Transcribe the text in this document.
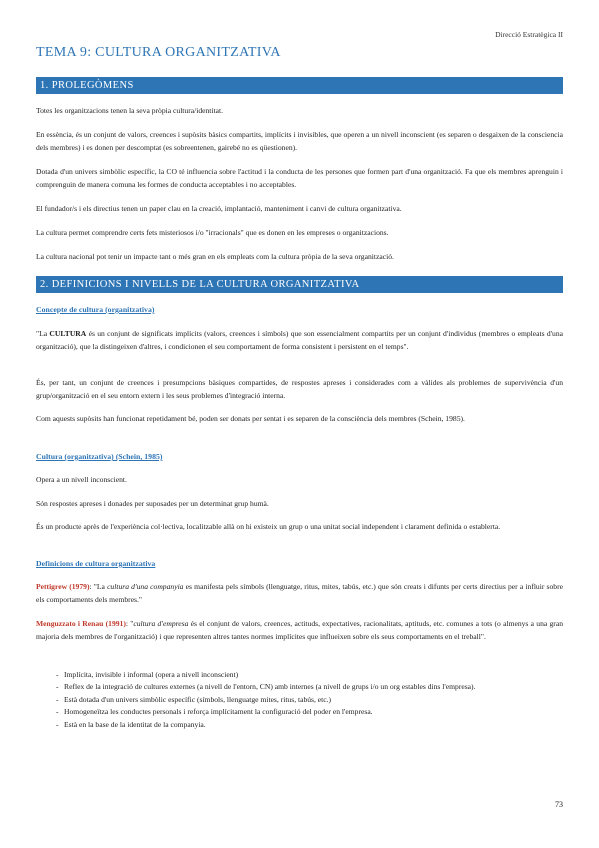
Direcció Estratègica II
TEMA 9: CULTURA ORGANITZATIVA
1. PROLEGÒMENS
Totes les organitzacions tenen la seva pròpia cultura/identitat.
En essència, és un conjunt de valors, creences i supòsits bàsics compartits, implícits i invisibles, que operen a un nivell inconscient (es separen o desgaixen de la consciencia dels membres) i es donen per descomptat (es sobreentenen, gairebé no es qüestionen).
Dotada d'un univers simbòlic específic, la CO té influencia sobre l'actitud i la conducta de les persones que formen part d'una organització. Fa que els membres aprenguin i comprenguin de manera comuna les formes de conducta acceptables i no acceptables.
El fundador/s i els directius tenen un paper clau en la creació, implantació, manteniment i canvi de cultura organitzativa.
La cultura permet comprendre certs fets misteriosos i/o "irracionals" que es donen en les empreses o organitzacions.
La cultura nacional pot tenir un impacte tant o més gran en els empleats com la cultura pròpia de la seva organització.
2. DEFINICIONS I NIVELLS DE LA CULTURA ORGANITZATIVA
Concepte de cultura (organitzativa)
"La CULTURA és un conjunt de significats implícits (valors, creences i símbols) que son essencialment compartits per un conjunt d'individus (membres o empleats d'una organització), que la distingeixen d'altres, i condicionen el seu comportament de forma consistent i persistent en el temps".
És, per tant, un conjunt de creences i presumpcions bàsiques compartides, de respostes apreses i considerades com a vàlides als problemes de supervivència d'un grup/organització en el seu entorn extern i les seus problemes d'integració interna.
Com aquests supòsits han funcionat repetidament bé, poden ser donats per sentat i es separen de la consciència dels membres (Schein, 1985).
Cultura (organitzativa) (Schein, 1985)
Opera a un nivell inconscient.
Són respostes apreses i donades per suposades per un determinat grup humà.
És un producte après de l'experiència col·lectiva, localitzable allà on hi existeix un grup o una unitat social independent i clarament definida o establerta.
Definicions de cultura organitzativa
Pettigrew (1979): "La cultura d'una companyia es manifesta pels símbols (llenguatge, ritus, mites, tabús, etc.) que són creats i difunts per certs directius per a influir sobre els comportaments dels membres."
Menguzzato i Renau (1991): "cultura d'empresa és el conjunt de valors, creences, actituds, expectatives, racionalitats, aptituds, etc. comunes a tots (o almenys a una gran majoria dels membres de l'organització) i que representen altres tantes normes implícites que influeixen sobre els seus comportaments en el treball".
- Implícita, invisible i informal (opera a nivell inconscient)
- Reflex de la integració de cultures externes (a nivell de l'entorn, CN) amb internes (a nivell de grups i/o un org estables dins l'empresa).
- Està dotada d'un univers simbòlic específic (símbols, llenguatge mites, ritus, tabús, etc.)
- Homogeneïtza les conductes personals i reforça implícitament la configuració del poder en l'empresa.
- Està en la base de la identitat de la companyia.
73
